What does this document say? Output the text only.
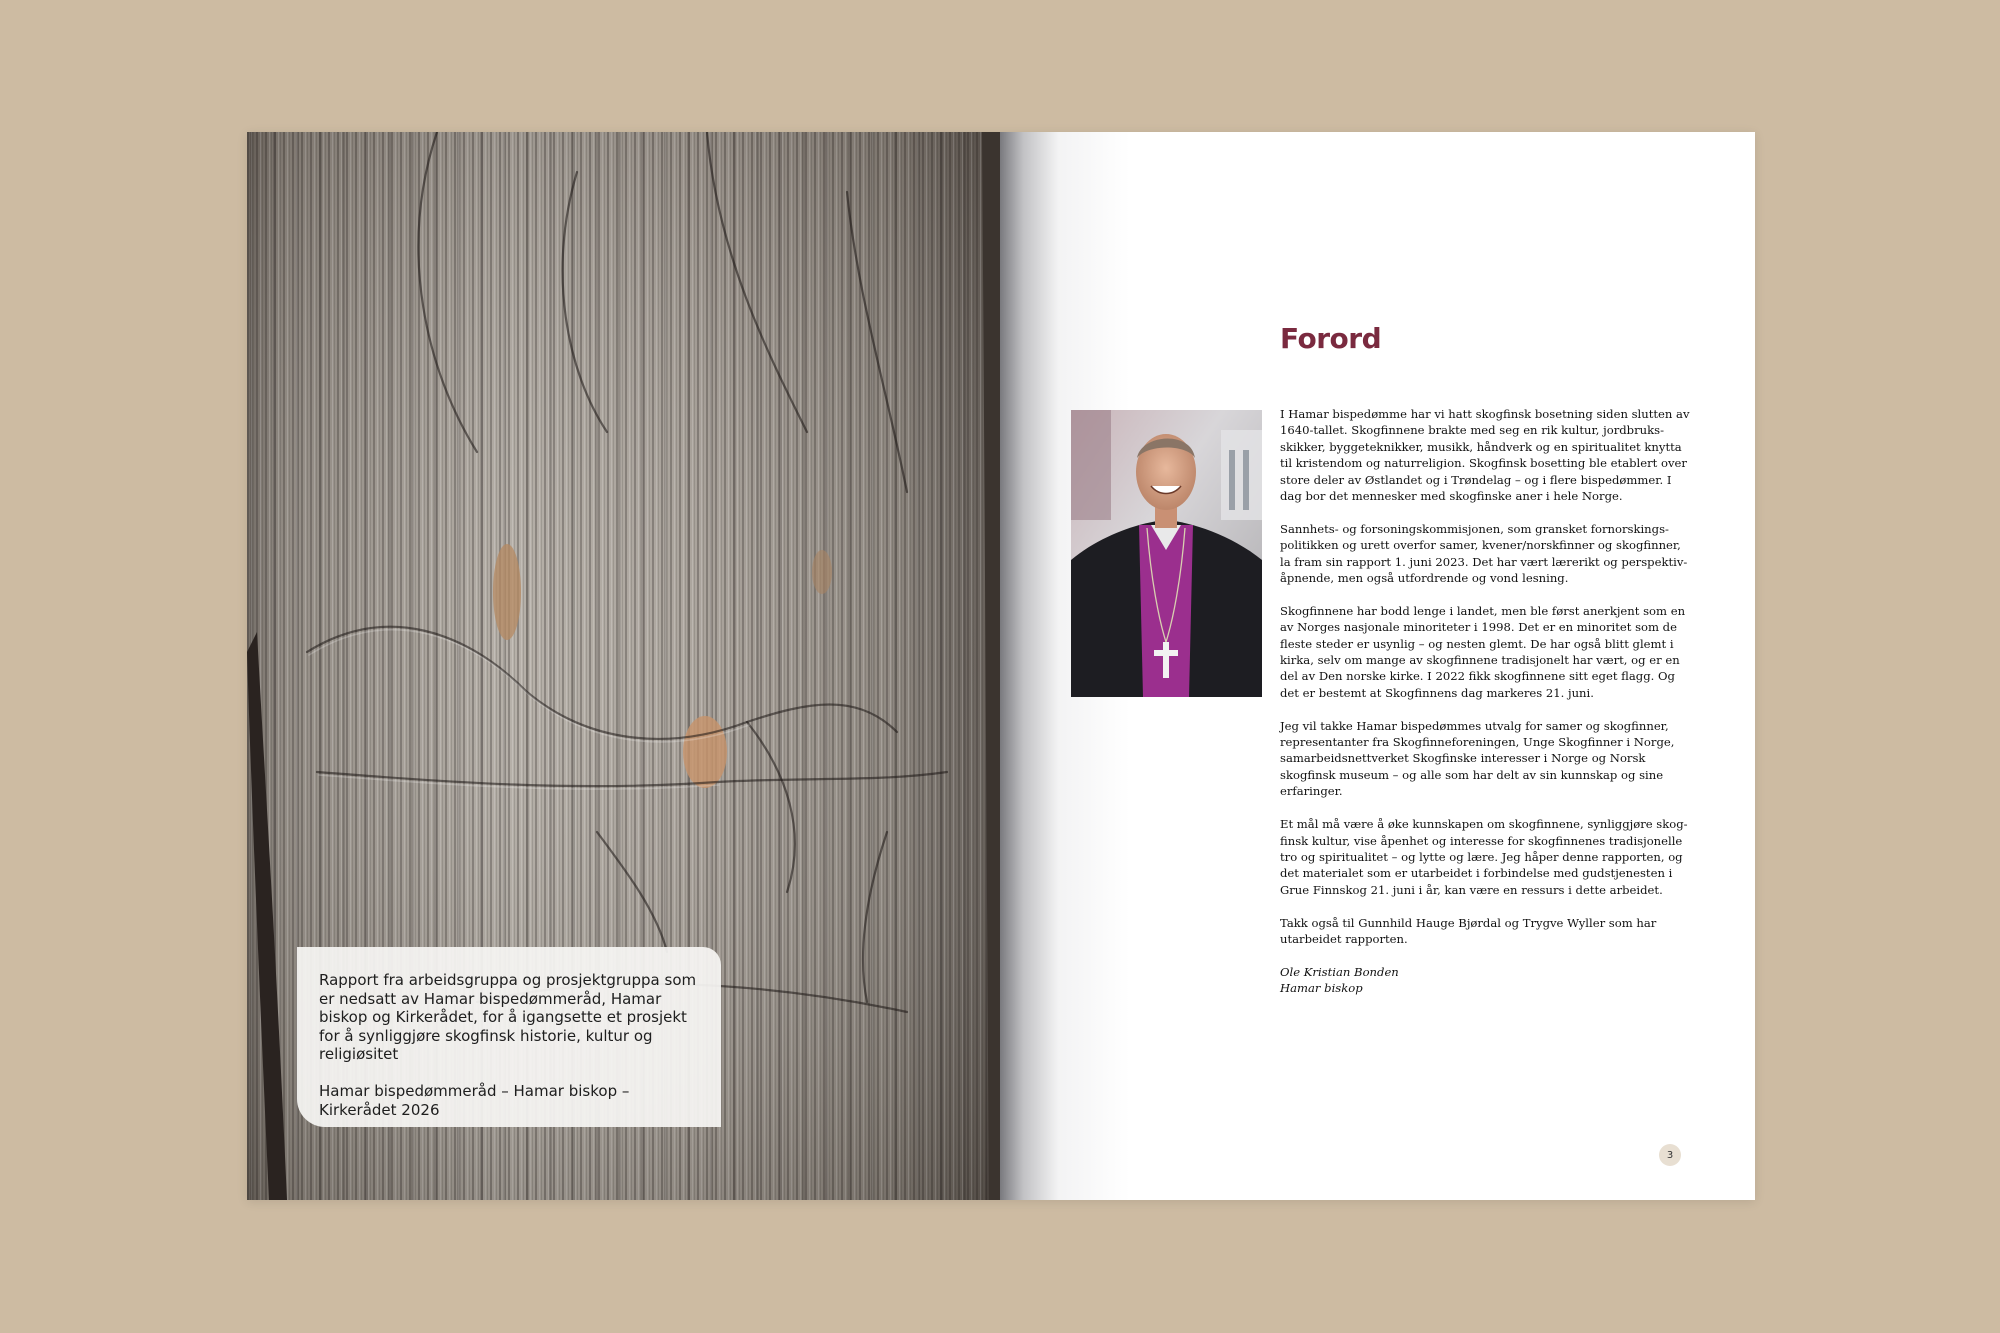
Rapport fra arbeidsgruppa og prosjektgruppa som er nedsatt av Hamar bispedømmeråd, Hamar biskop og Kirkerådet, for å igangsette et prosjekt for å synliggjøre skogfinsk historie, kultur og religiøsitet

Hamar bispedømmeråd – Hamar biskop – Kirkerådet 2026

Forord

I Hamar bispedømme har vi hatt skogfinsk bosetning siden slutten av 1640-tallet. Skogfinnene brakte med seg en rik kultur, jordbruksskikker, byggeteknikker, musikk, håndverk og en spiritualitet knytta til kristendom og naturreligion. Skogfinsk bosetting ble etablert over store deler av Østlandet og i Trøndelag – og i flere bispedømmer. I dag bor det mennesker med skogfinske aner i hele Norge.

Sannhets- og forsoningskommisjonen, som gransket fornorskingspolitikken og urett overfor samer, kvener/norskfinner og skogfinner, la fram sin rapport 1. juni 2023. Det har vært lærerikt og perspektivåpnende, men også utfordrende og vond lesning.

Skogfinnene har bodd lenge i landet, men ble først anerkjent som en av Norges nasjonale minoriteter i 1998. Det er en minoritet som de fleste steder er usynlig – og nesten glemt. De har også blitt glemt i kirka, selv om mange av skogfinnene tradisjonelt har vært, og er en del av Den norske kirke. I 2022 fikk skogfinnene sitt eget flagg. Og det er bestemt at Skogfinnens dag markeres 21. juni.

Jeg vil takke Hamar bispedømmes utvalg for samer og skogfinner, representanter fra Skogfinneforeningen, Unge Skogfinner i Norge, samarbeidsnettverket Skogfinske interesser i Norge og Norsk skogfinsk museum – og alle som har delt av sin kunnskap og sine erfaringer.

Et mål må være å øke kunnskapen om skogfinnene, synliggjøre skogfinsk kultur, vise åpenhet og interesse for skogfinnenes tradisjonelle tro og spiritualitet – og lytte og lære. Jeg håper denne rapporten, og det materialet som er utarbeidet i forbindelse med gudstjenesten i Grue Finnskog 21. juni i år, kan være en ressurs i dette arbeidet.

Takk også til Gunnhild Hauge Bjørdal og Trygve Wyller som har utarbeidet rapporten.

Ole Kristian Bonden
Hamar biskop
3
